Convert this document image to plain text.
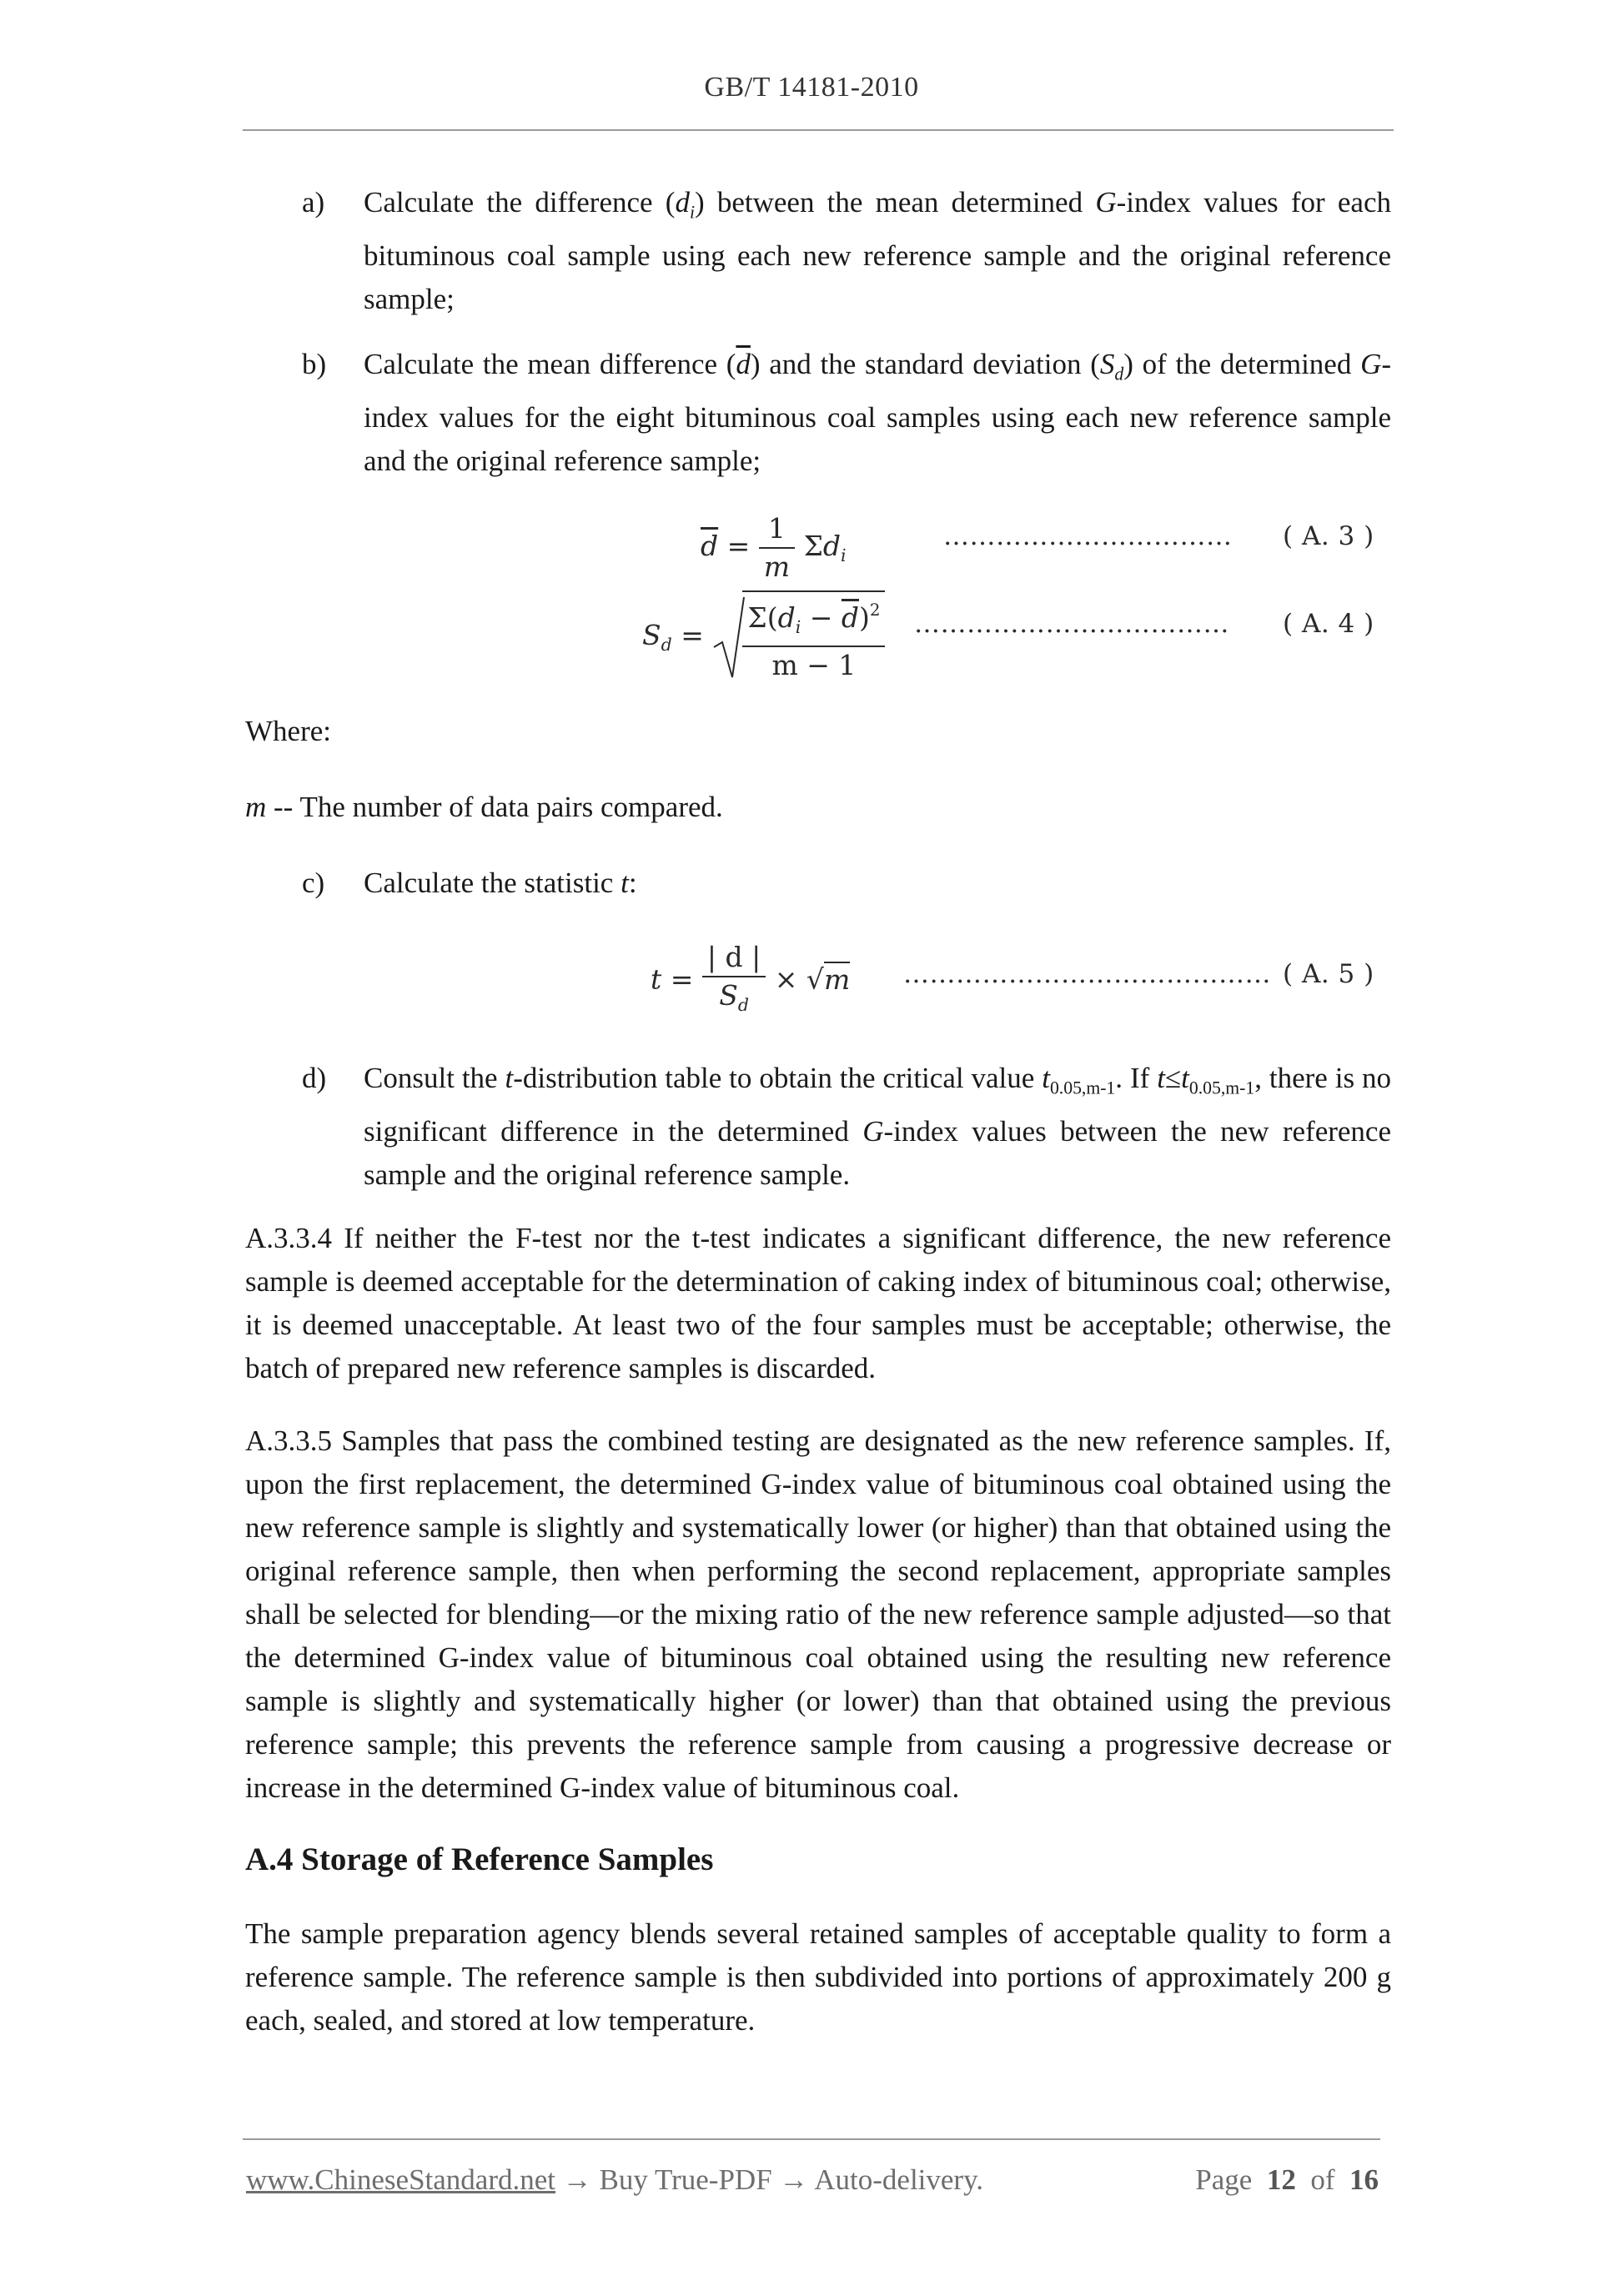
GB/T 14181-2010
a) Calculate the difference $(d_i)$ between the mean determined G-index values for each bituminous coal sample using each new reference sample and the original reference sample;
b) Calculate the mean difference $(\overline{d})$ and the standard deviation $(S_d)$ of the determined G-index values for the eight bituminous coal samples using each new reference sample and the original reference sample;
$\overline{d} = \frac{1}{m} \Sigma d_i$
…………………………… ( A. 3 )
$S_d = \frac{\Sigma(d_i - \overline{d})^2}{m - 1}$ ……………………………… ( A. 4 )
Where:
m -- The number of data pairs compared.
c) Calculate the statistic t:
$t = \frac{| d |}{S_d} \times √m$ …………………………………… ( A. 5 )
d) Consult the t-distribution table to obtain the critical value $t_{0.05,m-1}$. If $t\le t_{0.05,m-1}$, there is no significant difference in the determined G-index values between the new reference sample and the original reference sample.
A.3.3.4 If neither the F-test nor the t-test indicates a significant difference, the new reference sample is deemed acceptable for the determination of caking index of bituminous coal; otherwise, it is deemed unacceptable. At least two of the four samples must be acceptable; otherwise, the batch of prepared new reference samples is discarded.
A.3.3.5 Samples that pass the combined testing are designated as the new reference samples. If, upon the first replacement, the determined G-index value of bituminous coal obtained using the new reference sample is slightly and systematically lower (or higher) than that obtained using the original reference sample, then when performing the second replacement, appropriate samples shall be selected for blending—or the mixing ratio of the new reference sample adjusted—so that the determined G-index value of bituminous coal obtained using the resulting new reference sample is slightly and systematically higher (or lower) than that obtained using the previous reference sample; this prevents the reference sample from causing a progressive decrease or increase in the determined G-index value of bituminous coal.
A.4 Storage of Reference Samples
The sample preparation agency blends several retained samples of acceptable quality to form a reference sample. The reference sample is then subdivided into portions of approximately 200 g each, sealed, and stored at low temperature.
www.ChineseStandard.net → Buy True-PDF → Auto-delivery.	Page 12 of 16
